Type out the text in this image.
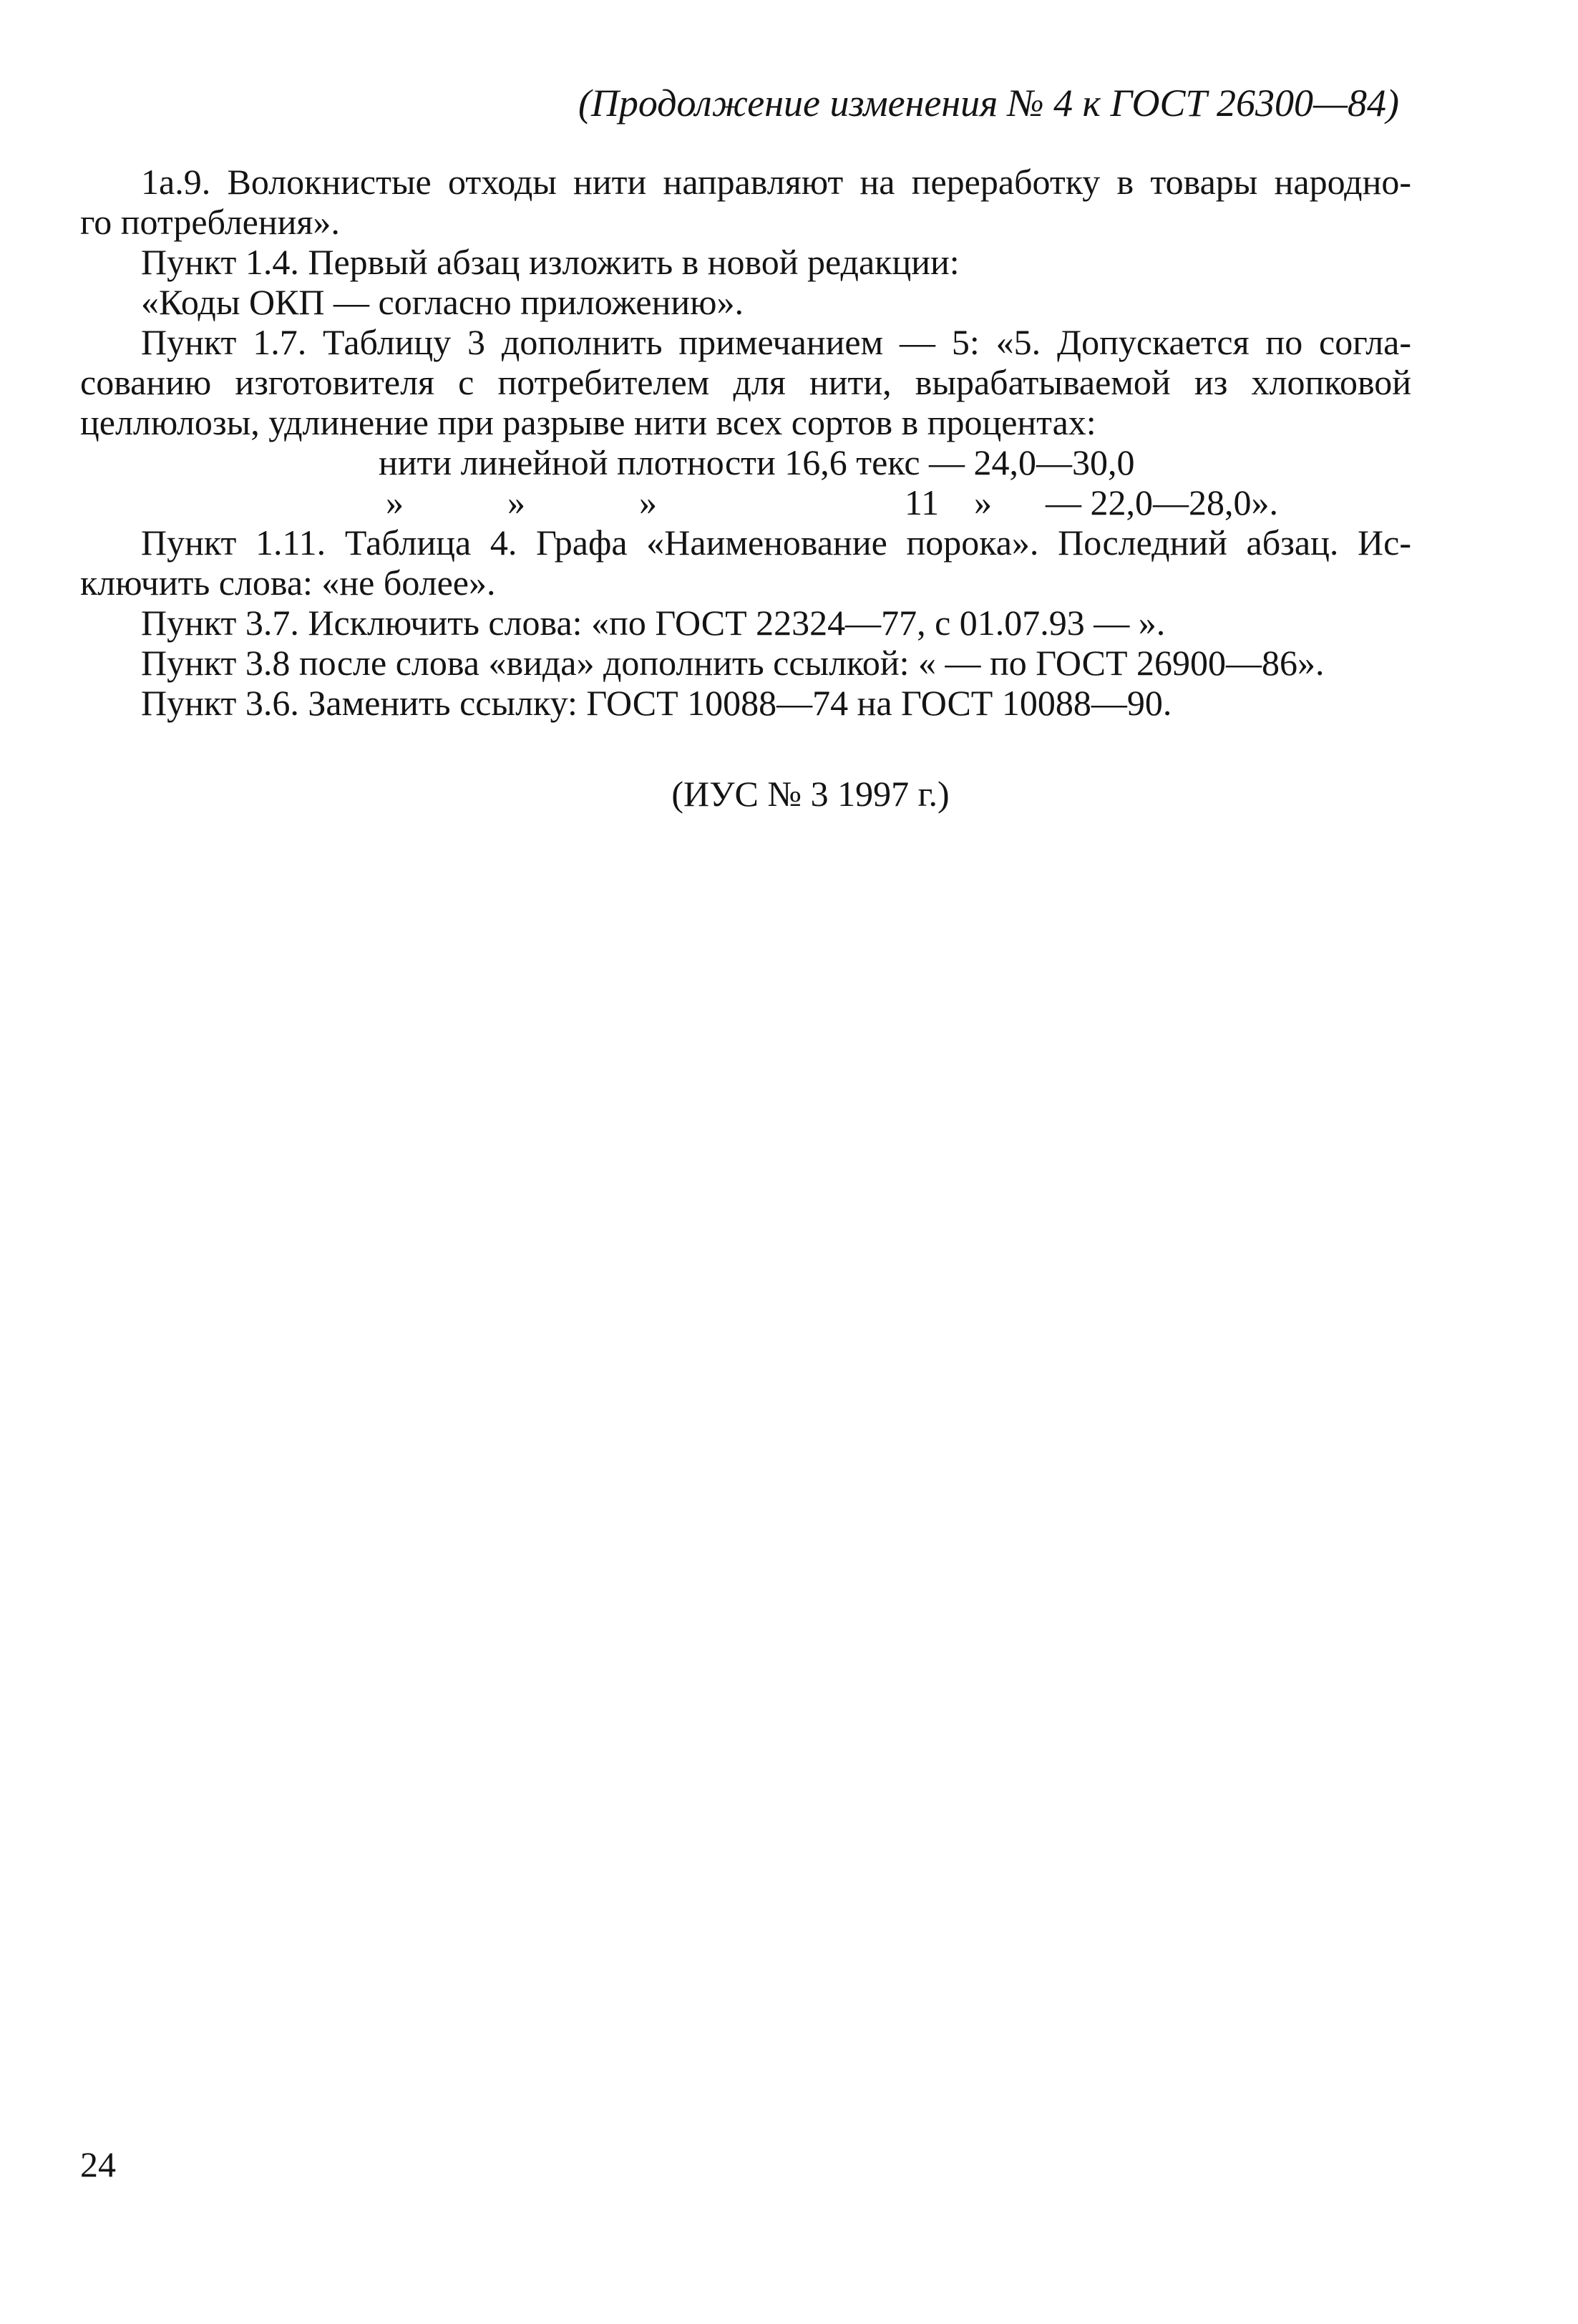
(Продолжение изменения № 4 к ГОСТ 26300—84)
1а.9. Волокнистые отходы нити направляют на переработку в товары народно-
го потребления».
Пункт 1.4. Первый абзац изложить в новой редакции:
«Коды ОКП — согласно приложению».
Пункт 1.7. Таблицу 3 дополнить примечанием — 5: «5. Допускается по согла-
сованию изготовителя с потребителем для нити, вырабатываемой из хлопковой
целлюлозы, удлинение при разрыве нити всех сортов в процентах:
нити линейной плотности 16,6 текс — 24,0—30,0
»	»	»	11 » — 22,0—28,0».
Пункт 1.11. Таблица 4. Графа «Наименование порока». Последний абзац. Ис-
ключить слова: «не более».
Пункт 3.7. Исключить слова: «по ГОСТ 22324—77, с 01.07.93 — ».
Пункт 3.8 после слова «вида» дополнить ссылкой: « — по ГОСТ 26900—86».
Пункт 3.6. Заменить ссылку: ГОСТ 10088—74 на ГОСТ 10088—90.
(ИУС № 3 1997 г.)
24
